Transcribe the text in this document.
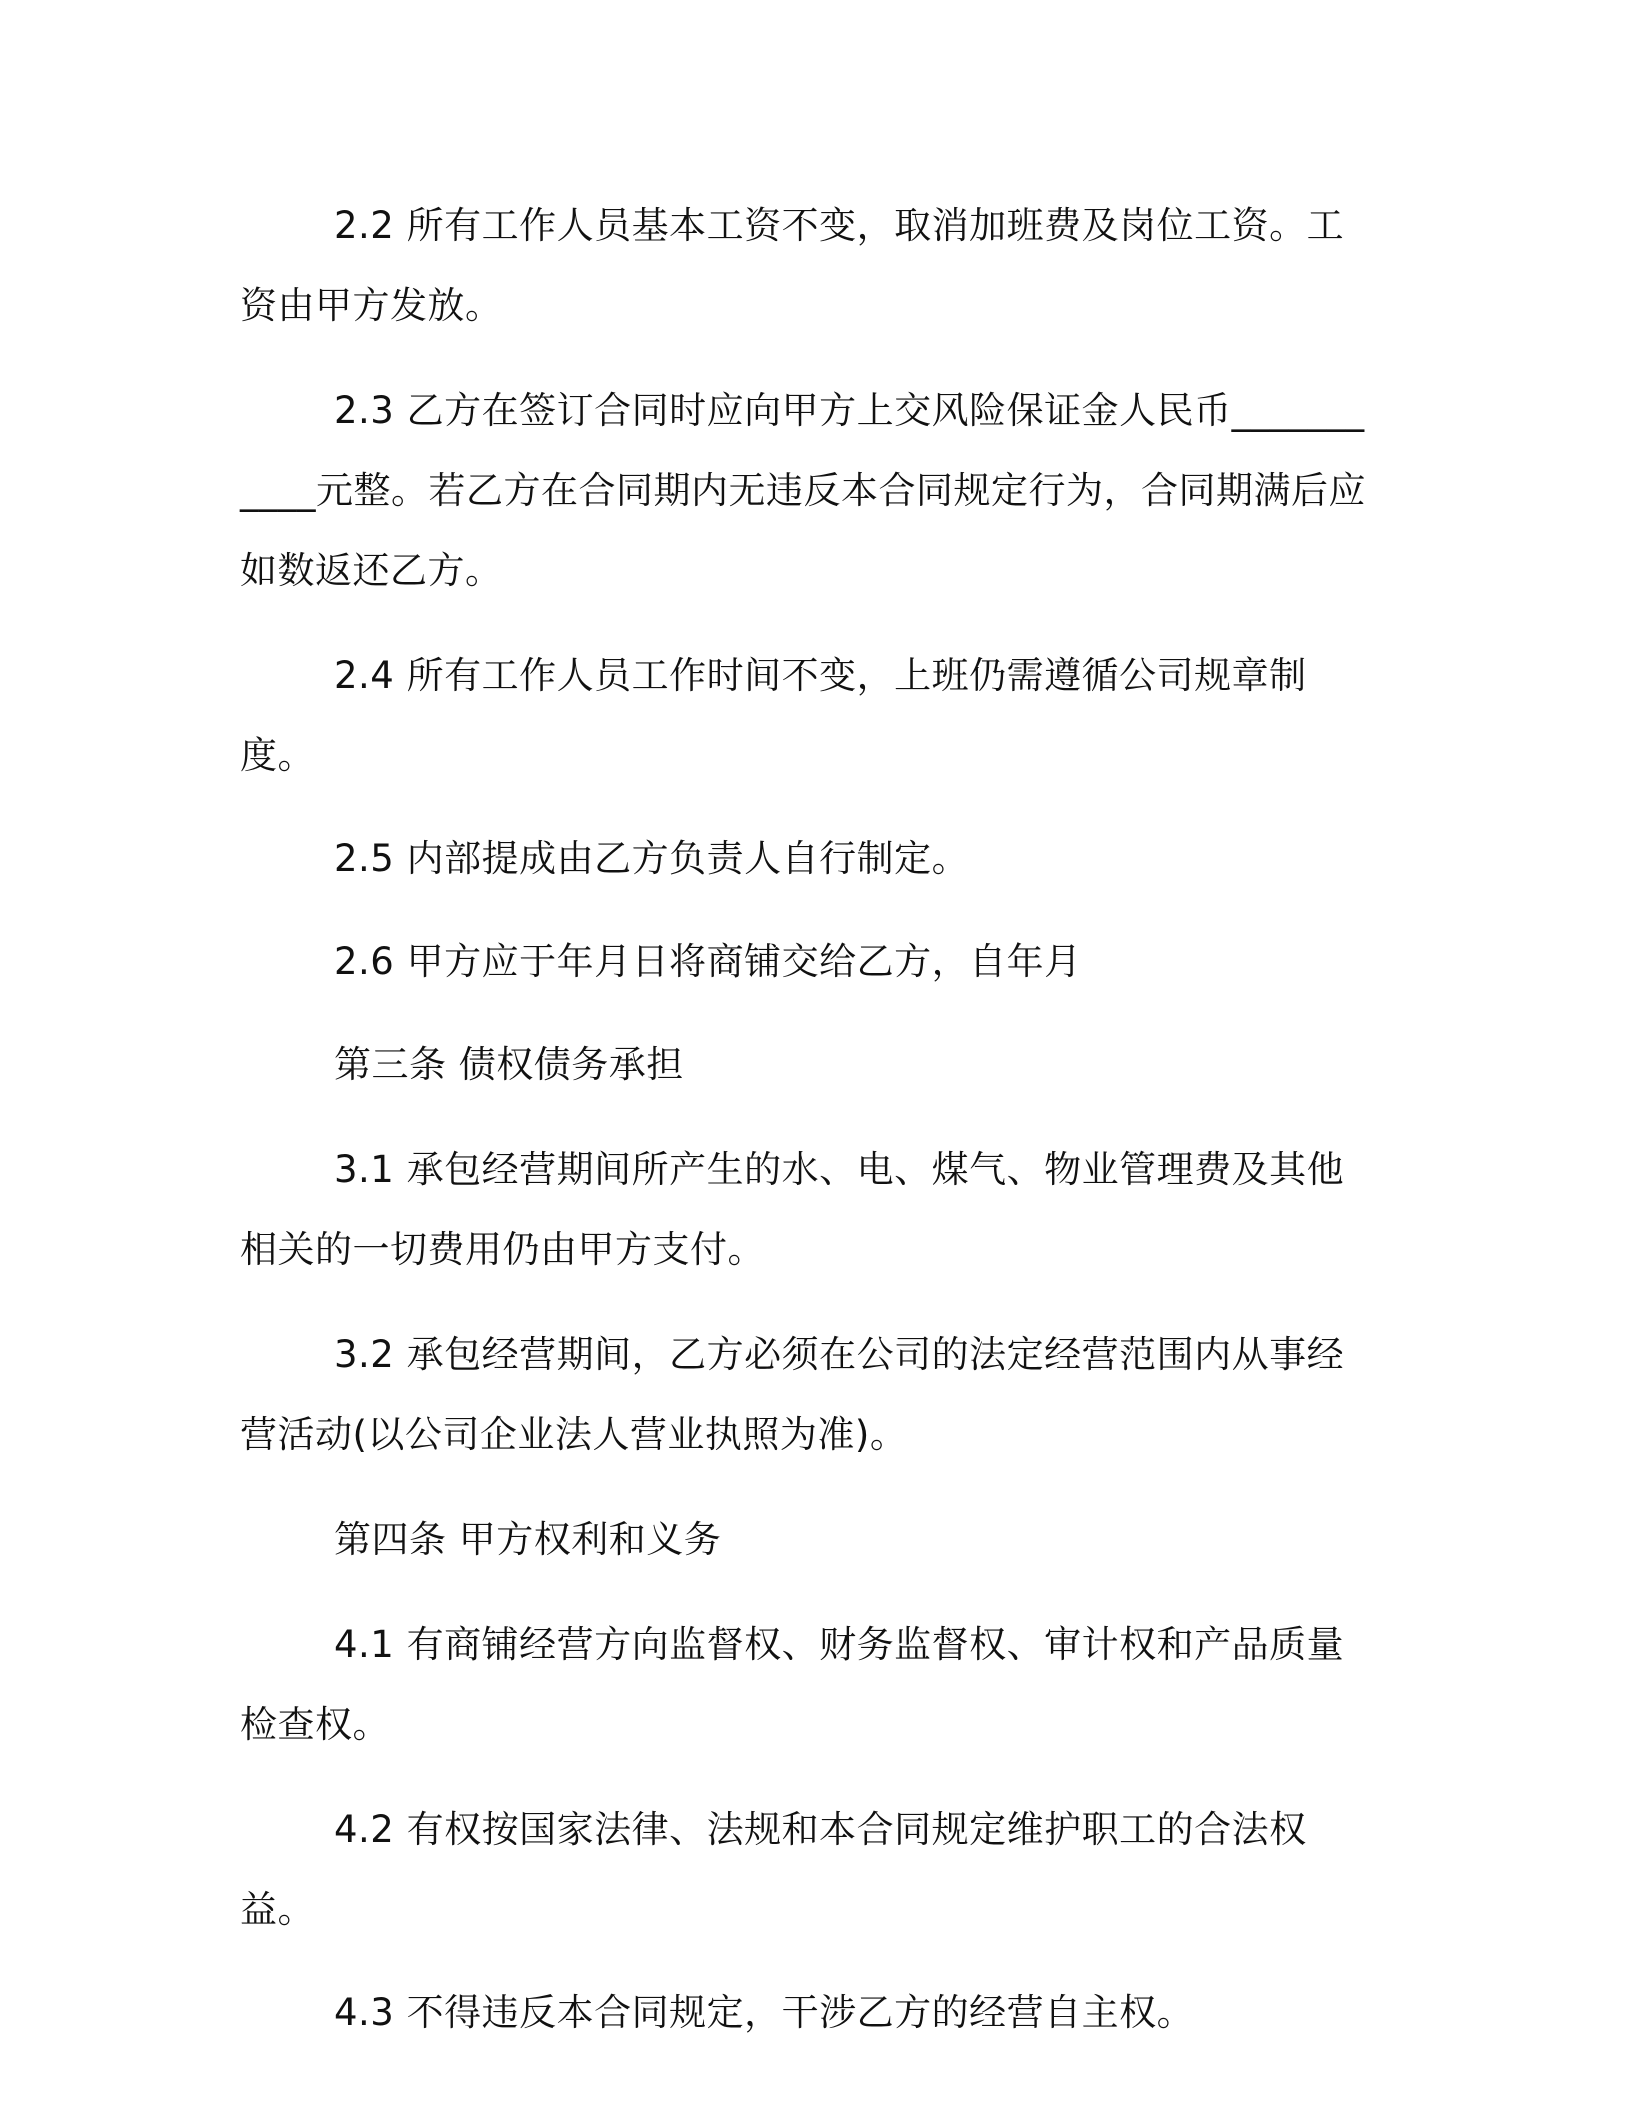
2.2 所有工作人员基本工资不变，取消加班费及岗位工资。工资由甲方发放。

2.3 乙方在签订合同时应向甲方上交风险保证金人民币___________元整。若乙方在合同期内无违反本合同规定行为，合同期满后应如数返还乙方。

2.4 所有工作人员工作时间不变，上班仍需遵循公司规章制度。

2.5 内部提成由乙方负责人自行制定。

2.6 甲方应于年月日将商铺交给乙方，自年月

第三条 债权债务承担

3.1 承包经营期间所产生的水、电、煤气、物业管理费及其他相关的一切费用仍由甲方支付。

3.2 承包经营期间，乙方必须在公司的法定经营范围内从事经营活动(以公司企业法人营业执照为准)。

第四条 甲方权利和义务

4.1 有商铺经营方向监督权、财务监督权、审计权和产品质量检查权。

4.2 有权按国家法律、法规和本合同规定维护职工的合法权益。

4.3 不得违反本合同规定，干涉乙方的经营自主权。
